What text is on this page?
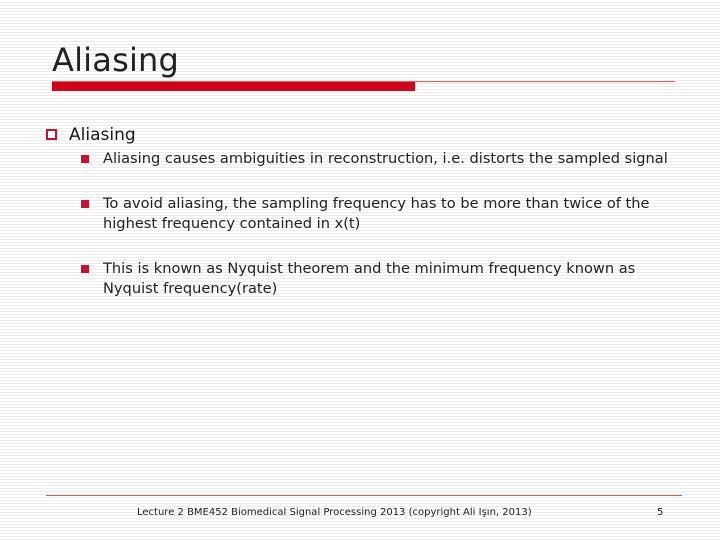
Aliasing
Aliasing
Aliasing causes ambiguities in reconstruction, i.e. distorts the sampled signal
To avoid aliasing, the sampling frequency has to be more than twice of the highest frequency contained in x(t)
This is known as Nyquist theorem and the minimum frequency known as Nyquist frequency(rate)
Lecture 2 BME452 Biomedical Signal Processing 2013 (copyright Ali Işın, 2013)	5
